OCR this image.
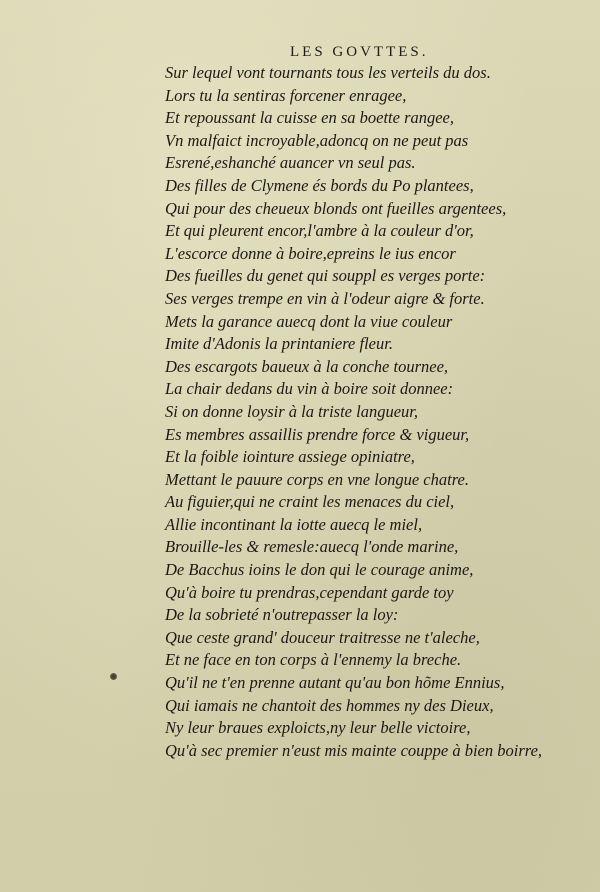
LES GOVTTES.
Sur lequel vont tournants tous les verteils du dos.
Lors tu la sentiras forcener enragee,
Et repoussant la cuisse en sa boette rangee,
Vn malfaict incroyable,adoncq on ne peut pas
Esrené,eshanché auancer vn seul pas.
Des filles de Clymene és bords du Po plantees,
Qui pour des cheueux blonds ont fueilles argentees,
Et qui pleurent encor,l'ambre à la couleur d'or,
L'escorce donne à boire,epreins le ius encor
Des fueilles du genet qui souppl es verges porte:
Ses verges trempe en vin à l'odeur aigre & forte.
Mets la garance auecq dont la viue couleur
Imite d'Adonis la printaniere fleur.
Des escargots baueux à la conche tournee,
La chair dedans du vin à boire soit donnee:
Si on donne loysir à la triste langueur,
Es membres assaillis prendre force & vigueur,
Et la foible iointure assiege opiniatre,
Mettant le pauure corps en vne longue chatre.
Au figuier,qui ne craint les menaces du ciel,
Allie incontinant la iotte auecq le miel,
Brouille-les & remesle:auecq l'onde marine,
De Bacchus ioins le don qui le courage anime,
Qu'à boire tu prendras,cependant garde toy
De la sobrieté n'outrepasser la loy:
Que ceste grand' douceur traitresse ne t'aleche,
Et ne face en ton corps à l'ennemy la breche.
Qu'il ne t'en prenne autant qu'au bon hõme Ennius,
Qui iamais ne chantoit des hommes ny des Dieux,
Ny leur braues exploicts,ny leur belle victoire,
Qu'à sec premier n'eust mis mainte couppe à bien boirre,
